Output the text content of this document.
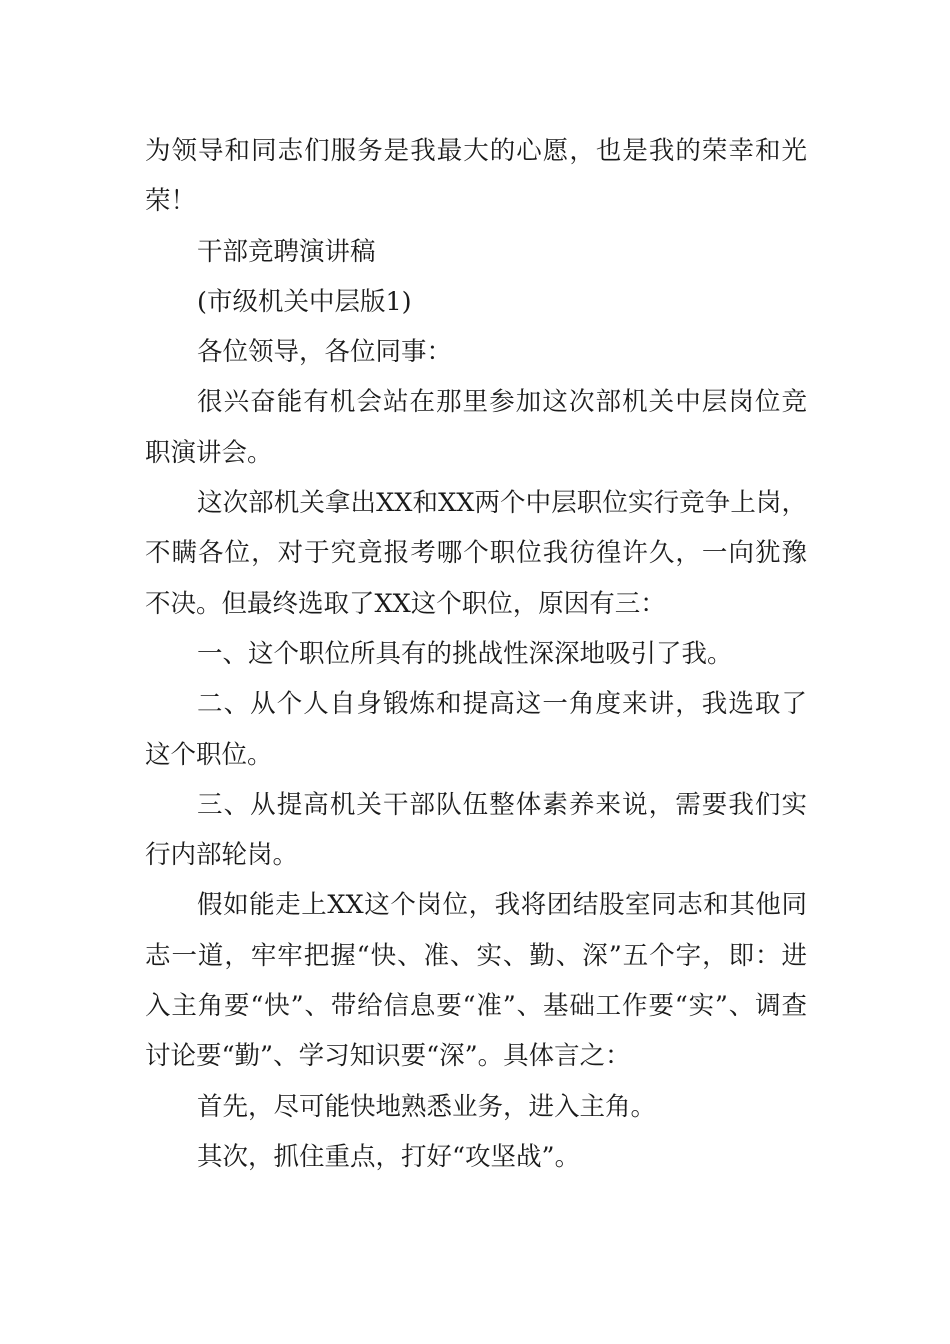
为领导和同志们服务是我最大的心愿，也是我的荣幸和光荣！

干部竞聘演讲稿

(市级机关中层版1)

各位领导，各位同事：

很兴奋能有机会站在那里参加这次部机关中层岗位竞职演讲会。

这次部机关拿出XX和XX两个中层职位实行竞争上岗，不瞒各位，对于究竟报考哪个职位我彷徨许久，一向犹豫不决。但最终选取了XX这个职位，原因有三：

一、这个职位所具有的挑战性深深地吸引了我。

二、从个人自身锻炼和提高这一角度来讲，我选取了这个职位。

三、从提高机关干部队伍整体素养来说，需要我们实行内部轮岗。

假如能走上XX这个岗位，我将团结股室同志和其他同志一道，牢牢把握“快、准、实、勤、深”五个字，即：进入主角要“快”、带给信息要“准”、基础工作要“实”、调查讨论要“勤”、学习知识要“深”。具体言之：

首先，尽可能快地熟悉业务，进入主角。

其次，抓住重点，打好“攻坚战”。
